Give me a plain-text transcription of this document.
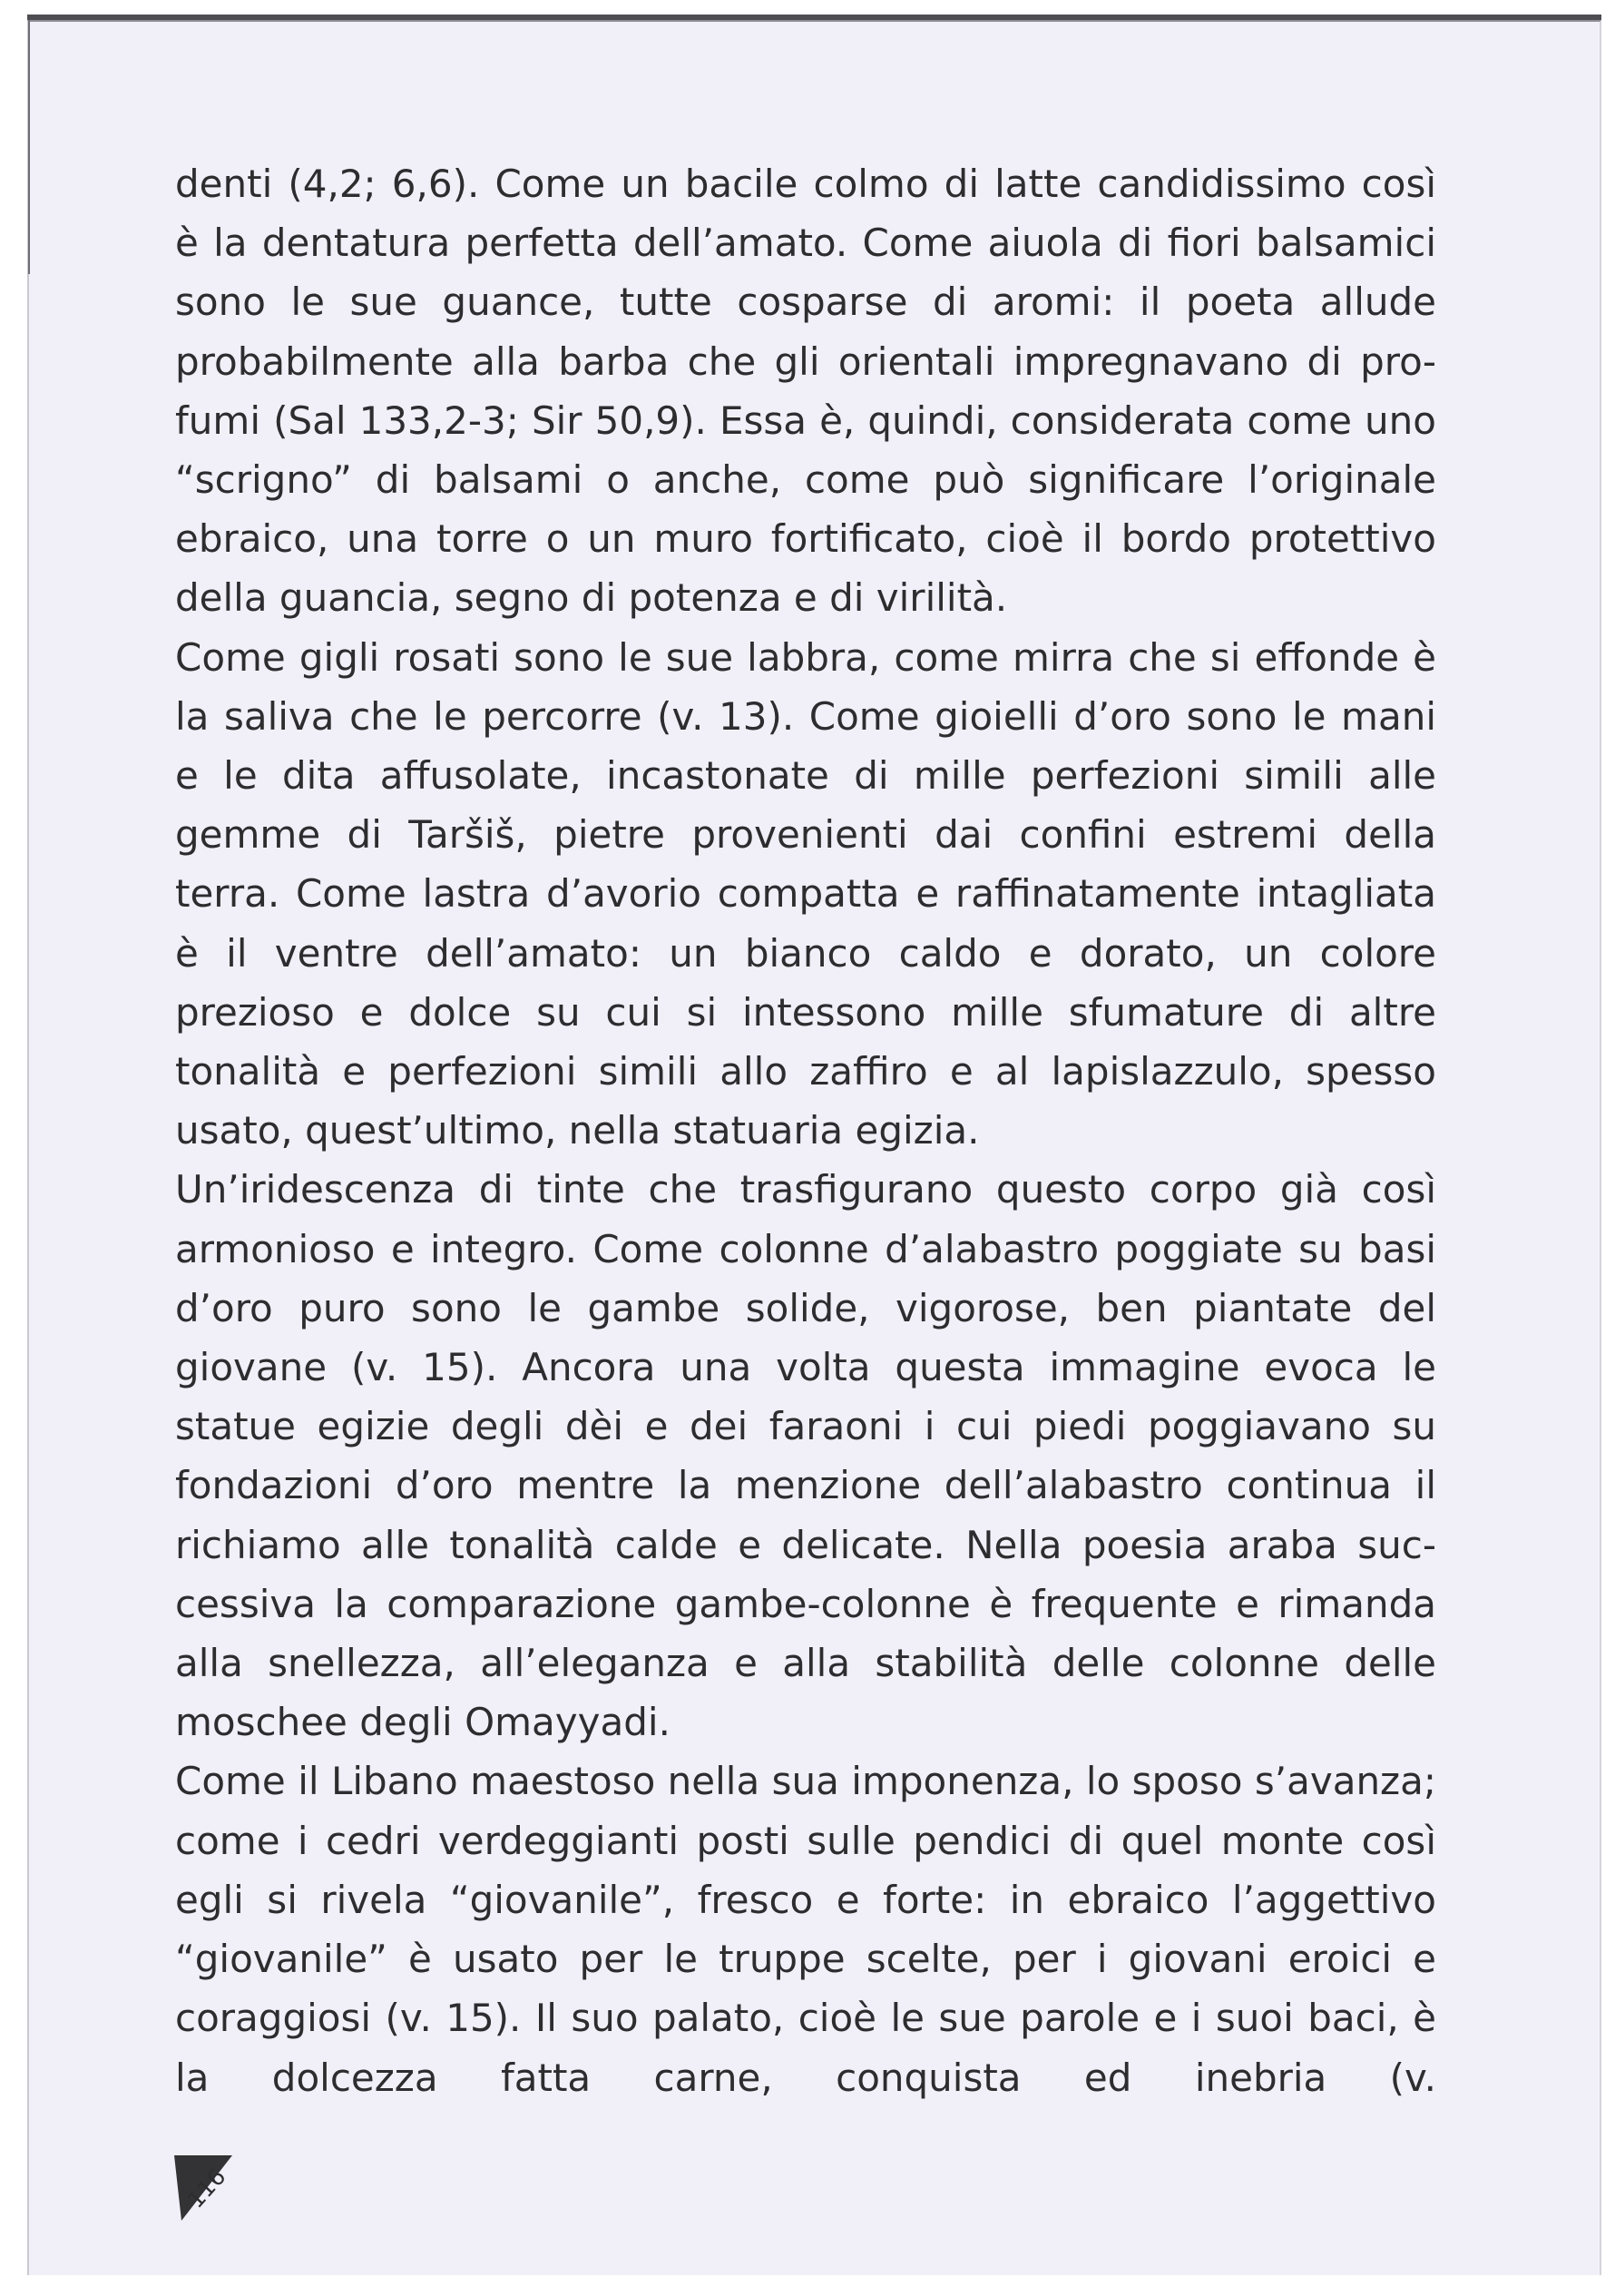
denti (4,2; 6,6). Come un bacile colmo di latte candidissimo così è la dentatura perfetta dell’amato. Come aiuola di fiori balsamici sono le sue guance, tutte cosparse di aromi: il poeta allude probabilmente alla barba che gli orientali impregnavano di profumi (Sal 133,2-3; Sir 50,9). Essa è, quindi, considerata come uno “scrigno” di balsami o anche, come può significare l’originale ebraico, una torre o un muro fortificato, cioè il bordo protettivo della guancia, segno di potenza e di virilità.

Come gigli rosati sono le sue labbra, come mirra che si effonde è la saliva che le percorre (v. 13). Come gioielli d’oro sono le mani e le dita affusolate, incastonate di mille perfezioni simili alle gemme di Taršiš, pietre provenienti dai confini estremi della terra. Come lastra d’avorio compatta e raffinatamente intagliata è il ventre dell’amato: un bianco caldo e dorato, un colore prezioso e dolce su cui si intessono mille sfumature di altre tonalità e perfezioni simili allo zaffiro e al lapislazzulo, spesso usato, quest’ultimo, nella statuaria egizia.

Un’iridescenza di tinte che trasfigurano questo corpo già così armonioso e integro. Come colonne d’alabastro poggiate su basi d’oro puro sono le gambe solide, vigorose, ben piantate del giovane (v. 15). Ancora una volta questa immagine evoca le statue egizie degli dèi e dei faraoni i cui piedi poggiavano su fondazioni d’oro mentre la menzione dell’alabastro continua il richiamo alle tonalità calde e delicate. Nella poesia araba successiva la comparazione gambe-colonne è frequente e rimanda alla snellezza, all’eleganza e alla stabilità delle colonne delle moschee degli Omayyadi.

Come il Libano maestoso nella sua imponenza, lo sposo s’avanza; come i cedri verdeggianti posti sulle pendici di quel monte così egli si rivela “giovanile”, fresco e forte: in ebraico l’aggettivo “giovanile” è usato per le truppe scelte, per i giovani eroici e coraggiosi (v. 15). Il suo palato, cioè le sue parole e i suoi baci, è la dolcezza fatta carne, conquista ed inebria (v.

116
